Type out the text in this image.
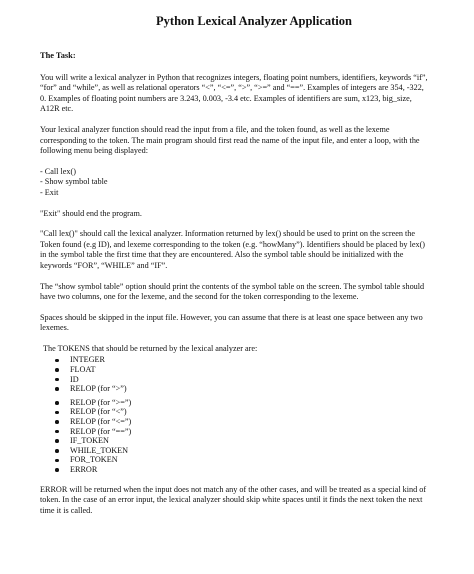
Python Lexical Analyzer Application
The Task:

You will write a lexical analyzer in Python that recognizes integers, floating point numbers, identifiers, keywords “if”, “for” and “while”, as well as relational operators “<”, “<=”, “>”, “>=” and “==”. Examples of integers are 354, -322, 0. Examples of floating point numbers are 3.243, 0.003, -3.4 etc. Examples of identifiers are sum, x123, big_size, A12R etc.

Your lexical analyzer function should read the input from a file, and the token found, as well as the lexeme corresponding to the token. The main program should first read the name of the input file, and enter a loop, with the following menu being displayed:

- Call lex()
- Show symbol table
- Exit

"Exit" should end the program.

"Call lex()" should call the lexical analyzer. Information returned by lex() should be used to print on the screen the Token found (e.g ID), and lexeme corresponding to the token (e.g. “howMany”). Identifiers should be placed by lex() in the symbol table the first time that they are encountered. Also the symbol table should be initialized with the keywords “FOR”, “WHILE” and “IF”.

The “show symbol table” option should print the contents of the symbol table on the screen. The symbol table should have two columns, one for the lexeme, and the second for the token corresponding to the lexeme.

Spaces should be skipped in the input file. However, you can assume that there is at least one space between any two lexemes.

The TOKENS that should be returned by the lexical analyzer are:
INTEGER
FLOAT
ID
RELOP (for “>”)
RELOP (for “>=”)
RELOP (for “<”)
RELOP (for “<=”)
RELOP (for “==”)
IF_TOKEN
WHILE_TOKEN
FOR_TOKEN
ERROR

ERROR will be returned when the input does not match any of the other cases, and will be treated as a special kind of token. In the case of an error input, the lexical analyzer should skip white spaces until it finds the next token the next time it is called.
